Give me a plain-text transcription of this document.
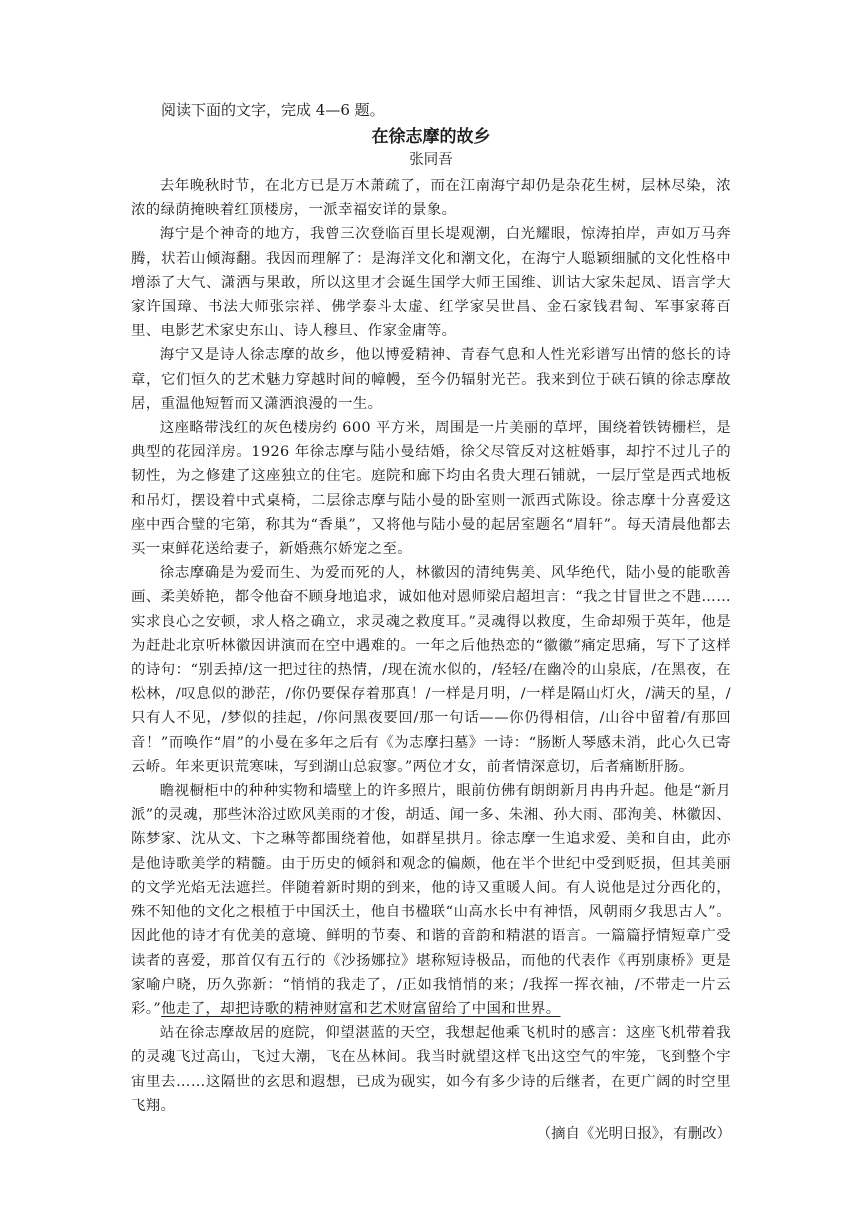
阅读下面的文字，完成 4—6 题。

在徐志摩的故乡

张同吾

去年晚秋时节，在北方已是万木萧疏了，而在江南海宁却仍是杂花生树，层林尽染，浓浓的绿荫掩映着红顶楼房，一派幸福安详的景象。

海宁是个神奇的地方，我曾三次登临百里长堤观潮，白光耀眼，惊涛拍岸，声如万马奔腾，状若山倾海翻。我因而理解了：是海洋文化和潮文化，在海宁人聪颖细腻的文化性格中增添了大气、潇洒与果敢，所以这里才会诞生国学大师王国维、训诂大家朱起凤、语言学大家许国璋、书法大师张宗祥、佛学泰斗太虚、红学家吴世昌、金石家钱君匋、军事家蒋百里、电影艺术家史东山、诗人穆旦、作家金庸等。

海宁又是诗人徐志摩的故乡，他以博爱精神、青春气息和人性光彩谱写出情的悠长的诗章，它们恒久的艺术魅力穿越时间的幛幔，至今仍辐射光芒。我来到位于硖石镇的徐志摩故居，重温他短暂而又潇洒浪漫的一生。

这座略带浅红的灰色楼房约 600 平方米，周围是一片美丽的草坪，围绕着铁铸栅栏，是典型的花园洋房。1926 年徐志摩与陆小曼结婚，徐父尽管反对这桩婚事，却拧不过儿子的韧性，为之修建了这座独立的住宅。庭院和廊下均由名贵大理石铺就，一层厅堂是西式地板和吊灯，摆设着中式桌椅，二层徐志摩与陆小曼的卧室则一派西式陈设。徐志摩十分喜爱这座中西合璧的宅第，称其为“香巢”，又将他与陆小曼的起居室题名“眉轩”。每天清晨他都去买一束鲜花送给妻子，新婚燕尔娇宠之至。

徐志摩确是为爱而生、为爱而死的人，林徽因的清纯隽美、风华绝代，陆小曼的能歌善画、柔美娇艳，都令他奋不顾身地追求，诚如他对恩师梁启超坦言：“我之甘冒世之不韪……实求良心之安顿，求人格之确立，求灵魂之救度耳。”灵魂得以救度，生命却殒于英年，他是为赶赴北京听林徽因讲演而在空中遇难的。一年之后他热恋的“徽徽”痛定思痛，写下了这样的诗句：“别丢掉/这一把过往的热情，/现在流水似的，/轻轻/在幽冷的山泉底，/在黑夜，在松林，/叹息似的渺茫，/你仍要保存着那真！/一样是月明，/一样是隔山灯火，/满天的星，/只有人不见，/梦似的挂起，/你问黑夜要回/那一句话——你仍得相信，/山谷中留着/有那回音！”而唤作“眉”的小曼在多年之后有《为志摩扫墓》一诗：“肠断人琴感未消，此心久已寄云峤。年来更识荒寒味，写到湖山总寂寥。”两位才女，前者情深意切，后者痛断肝肠。

瞻视橱柜中的种种实物和墙壁上的许多照片，眼前仿佛有朗朗新月冉冉升起。他是“新月派”的灵魂，那些沐浴过欧风美雨的才俊，胡适、闻一多、朱湘、孙大雨、邵洵美、林徽因、陈梦家、沈从文、卞之琳等都围绕着他，如群星拱月。徐志摩一生追求爱、美和自由，此亦是他诗歌美学的精髓。由于历史的倾斜和观念的偏颇，他在半个世纪中受到贬损，但其美丽的文学光焰无法遮拦。伴随着新时期的到来，他的诗又重暖人间。有人说他是过分西化的，殊不知他的文化之根植于中国沃土，他自书楹联“山高水长中有神悟，风朝雨夕我思古人”。因此他的诗才有优美的意境、鲜明的节奏、和谐的音韵和精湛的语言。一篇篇抒情短章广受读者的喜爱，那首仅有五行的《沙扬娜拉》堪称短诗极品，而他的代表作《再别康桥》更是家喻户晓，历久弥新：“悄悄的我走了，/正如我悄悄的来；/我挥一挥衣袖，/不带走一片云彩。”他走了，却把诗歌的精神财富和艺术财富留给了中国和世界。

站在徐志摩故居的庭院，仰望湛蓝的天空，我想起他乘飞机时的感言：这座飞机带着我的灵魂飞过高山，飞过大潮，飞在丛林间。我当时就望这样飞出这空气的牢笼，飞到整个宇宙里去……这隔世的玄思和遐想，已成为砚实，如今有多少诗的后继者，在更广阔的时空里飞翔。

（摘自《光明日报》，有删改）
